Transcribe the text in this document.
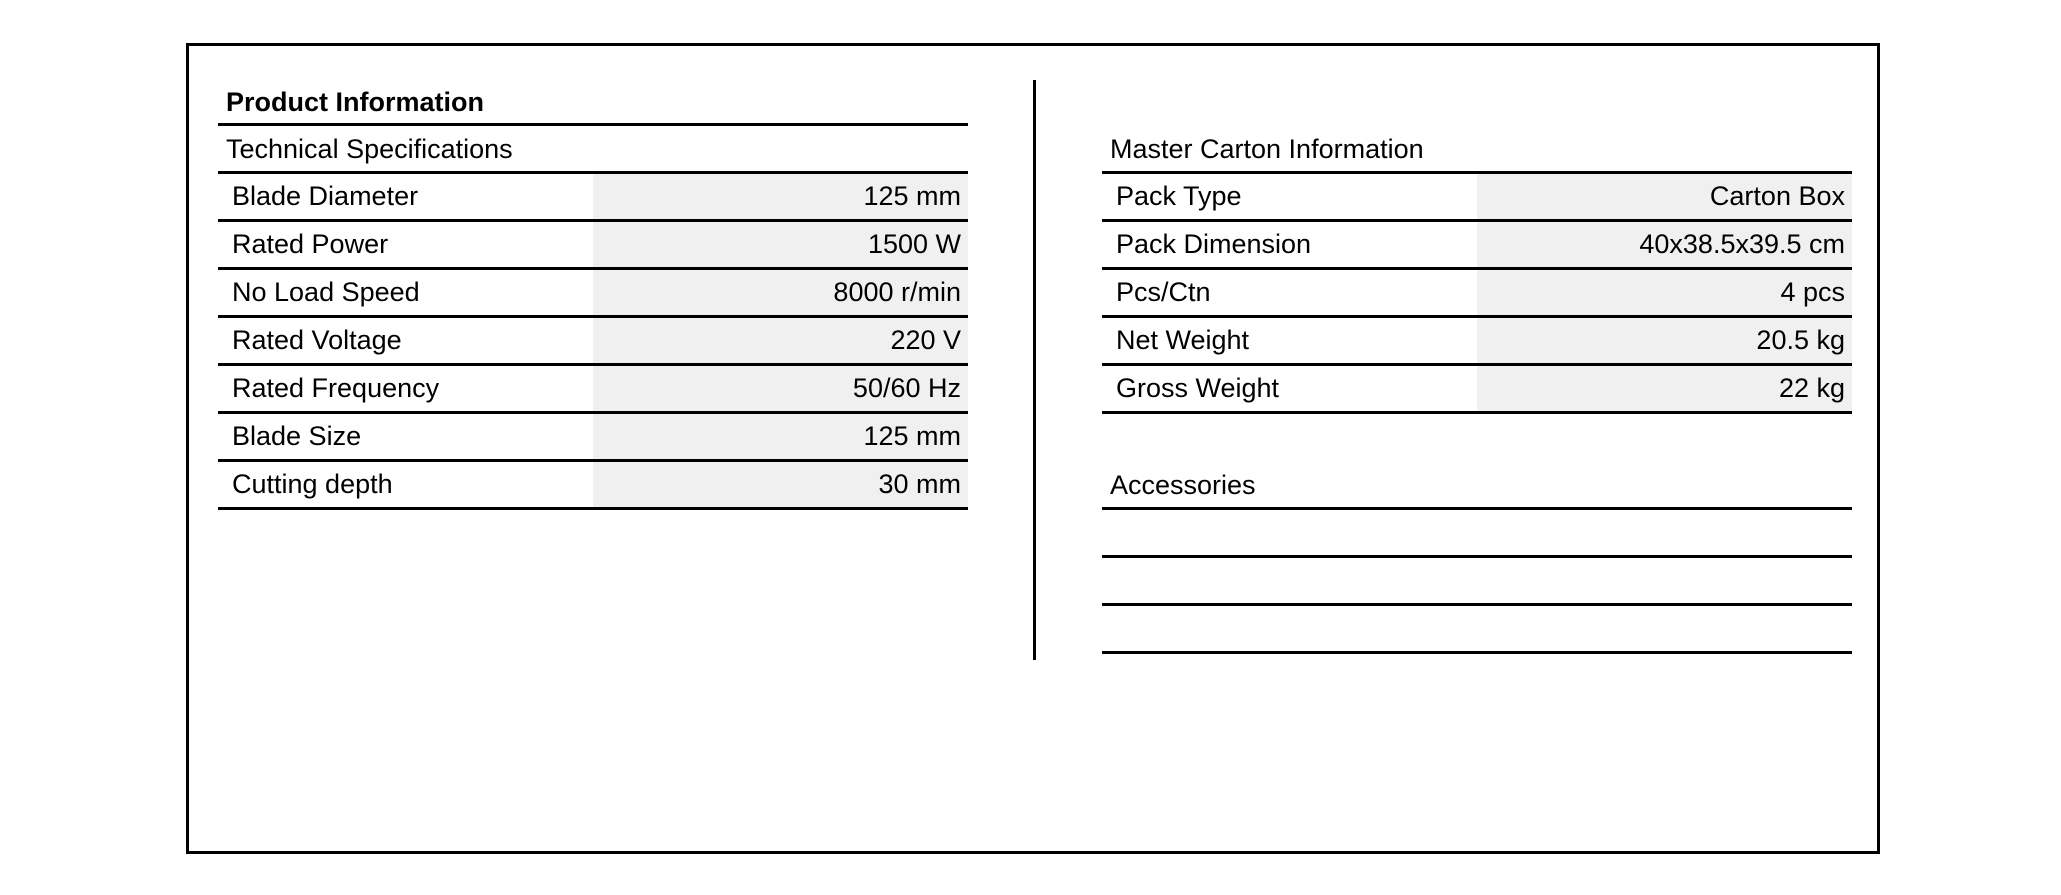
Product Information
Technical Specifications
Blade Diameter	125 mm
Rated Power	1500 W
No Load Speed	8000 r/min
Rated Voltage	220 V
Rated Frequency	50/60 Hz
Blade Size	125 mm
Cutting depth	30 mm
Master Carton Information
Pack Type	Carton Box
Pack Dimension	40x38.5x39.5 cm
Pcs/Ctn	4 pcs
Net Weight	20.5 kg
Gross Weight	22 kg
Accessories
